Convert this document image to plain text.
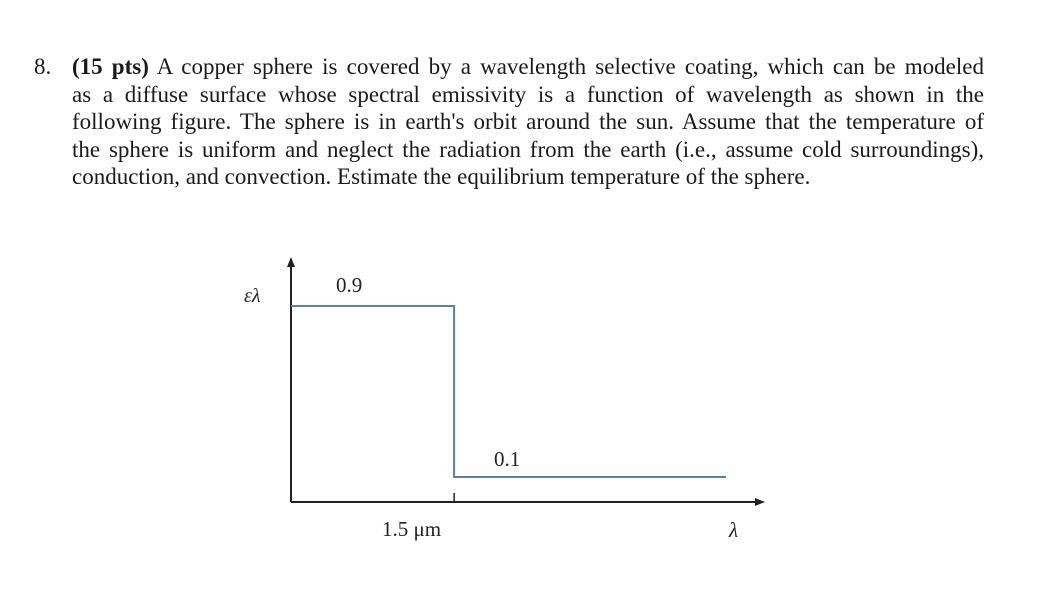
8. (15 pts) A copper sphere is covered by a wavelength selective coating, which can be modeled
as a diffuse surface whose spectral emissivity is a function of wavelength as shown in the
following figure. The sphere is in earth's orbit around the sun. Assume that the temperature of
the sphere is uniform and neglect the radiation from the earth (i.e., assume cold surroundings),
conduction, and convection. Estimate the equilibrium temperature of the sphere.
ελ	0.9
0.1
1.5 μm	λ
